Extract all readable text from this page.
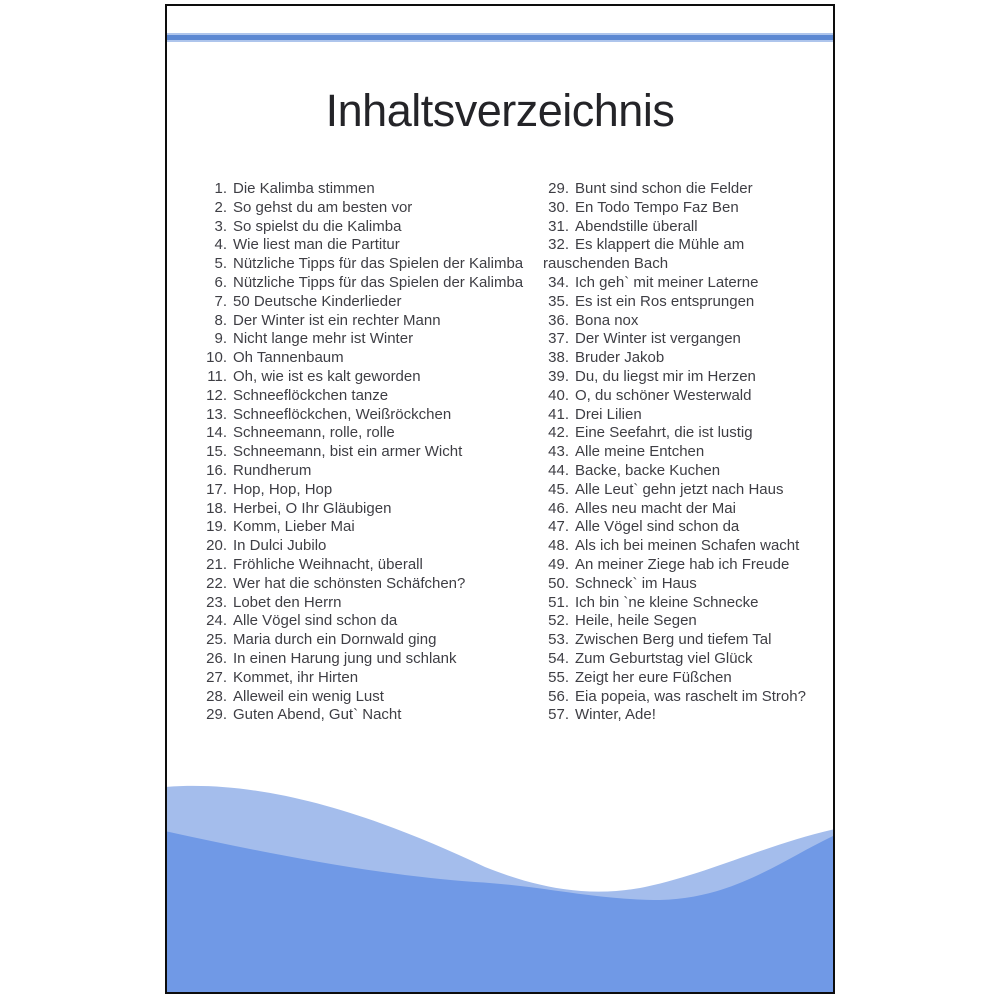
Inhaltsverzeichnis
1. Die Kalimba stimmen
2. So gehst du am besten vor
3. So spielst du die Kalimba
4. Wie liest man die Partitur
5. Nützliche Tipps für das Spielen der Kalimba
6. Nützliche Tipps für das Spielen der Kalimba
7. 50 Deutsche Kinderlieder
8. Der Winter ist ein rechter Mann
9. Nicht lange mehr ist Winter
10. Oh Tannenbaum
11. Oh, wie ist es kalt geworden
12. Schneeflöckchen tanze
13. Schneeflöckchen, Weißröckchen
14. Schneemann, rolle, rolle
15. Schneemann, bist ein armer Wicht
16. Rundherum
17. Hop, Hop, Hop
18. Herbei, O Ihr Gläubigen
19. Komm, Lieber Mai
20. In Dulci Jubilo
21. Fröhliche Weihnacht, überall
22. Wer hat die schönsten Schäfchen?
23. Lobet den Herrn
24. Alle Vögel sind schon da
25. Maria durch ein Dornwald ging
26. In einen Harung jung und schlank
27. Kommet, ihr Hirten
28. Alleweil ein wenig Lust
29. Guten Abend, Gut` Nacht
29. Bunt sind schon die Felder
30. En Todo Tempo Faz Ben
31. Abendstille überall
32. Es klappert die Mühle am rauschenden Bach
34. Ich geh` mit meiner Laterne
35. Es ist ein Ros entsprungen
36. Bona nox
37. Der Winter ist vergangen
38. Bruder Jakob
39. Du, du liegst mir im Herzen
40. O, du schöner Westerwald
41. Drei Lilien
42. Eine Seefahrt, die ist lustig
43. Alle meine Entchen
44. Backe, backe Kuchen
45. Alle Leut` gehn jetzt nach Haus
46. Alles neu macht der Mai
47. Alle Vögel sind schon da
48. Als ich bei meinen Schafen wacht
49. An meiner Ziege hab ich Freude
50. Schneck` im Haus
51. Ich bin `ne kleine Schnecke
52. Heile, heile Segen
53. Zwischen Berg und tiefem Tal
54. Zum Geburtstag viel Glück
55. Zeigt her eure Füßchen
56. Eia popeia, was raschelt im Stroh?
57. Winter, Ade!
